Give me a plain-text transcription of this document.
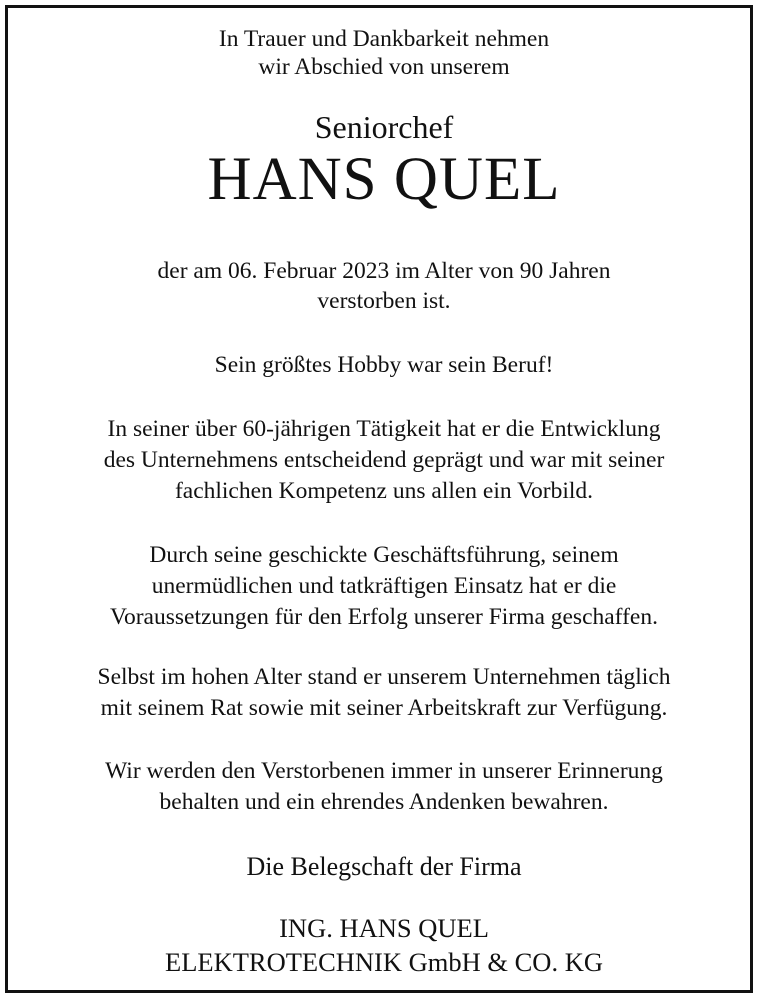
In Trauer und Dankbarkeit nehmen

wir Abschied von unserem

Seniorchef

HANS QUEL

der am 06. Februar 2023 im Alter von 90 Jahren

verstorben ist.

Sein größtes Hobby war sein Beruf!

In seiner über 60-jährigen Tätigkeit hat er die Entwicklung

des Unternehmens entscheidend geprägt und war mit seiner

fachlichen Kompetenz uns allen ein Vorbild.

Durch seine geschickte Geschäftsführung, seinem

unermüdlichen und tatkräftigen Einsatz hat er die

Voraussetzungen für den Erfolg unserer Firma geschaffen.

Selbst im hohen Alter stand er unserem Unternehmen täglich

mit seinem Rat sowie mit seiner Arbeitskraft zur Verfügung.

Wir werden den Verstorbenen immer in unserer Erinnerung

behalten und ein ehrendes Andenken bewahren.

Die Belegschaft der Firma

ING. HANS QUEL

ELEKTROTECHNIK GmbH & CO. KG
